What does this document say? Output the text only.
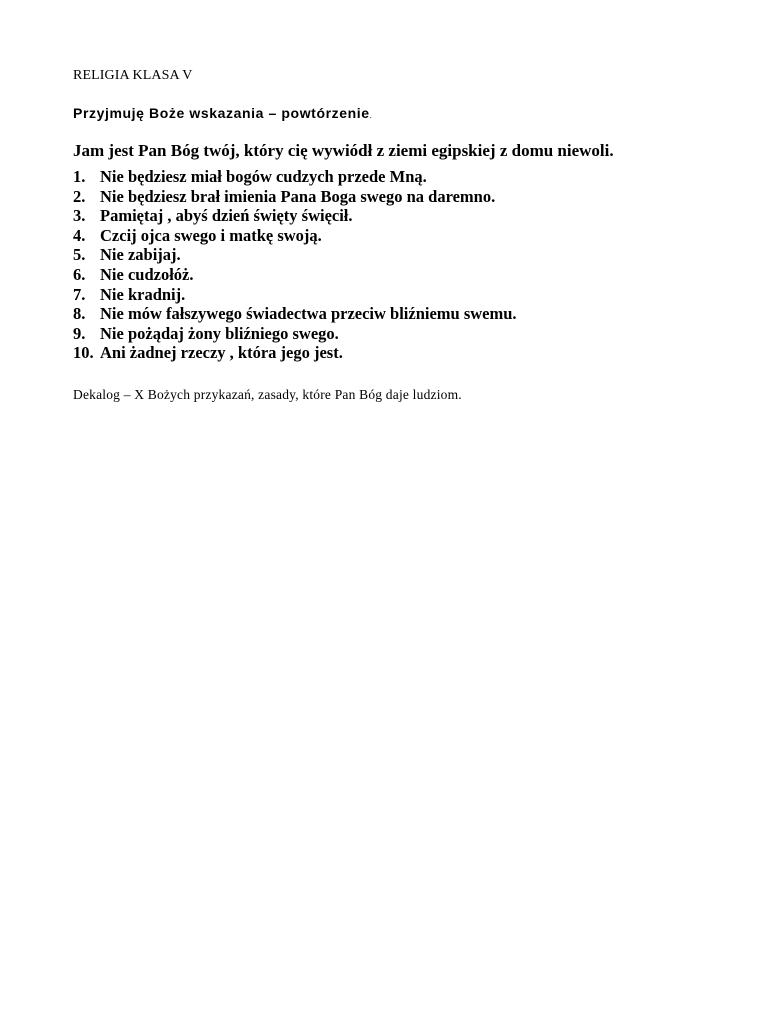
RELIGIA KLASA V
Przyjmuję Boże wskazania – powtórzenie.
Jam jest Pan Bóg twój, który cię wywiódł z ziemi egipskiej z domu niewoli.
1. Nie będziesz miał bogów cudzych przede Mną.
2. Nie będziesz brał imienia Pana Boga swego na daremno.
3. Pamiętaj , abyś dzień święty święcił.
4. Czcij ojca swego i matkę swoją.
5. Nie zabijaj.
6. Nie cudzołóż.
7. Nie kradnij.
8. Nie mów fałszywego świadectwa przeciw bliźniemu swemu.
9. Nie pożądaj żony bliźniego swego.
10. Ani żadnej rzeczy , która jego jest.
Dekalog – X Bożych przykazań, zasady, które Pan Bóg daje ludziom.
